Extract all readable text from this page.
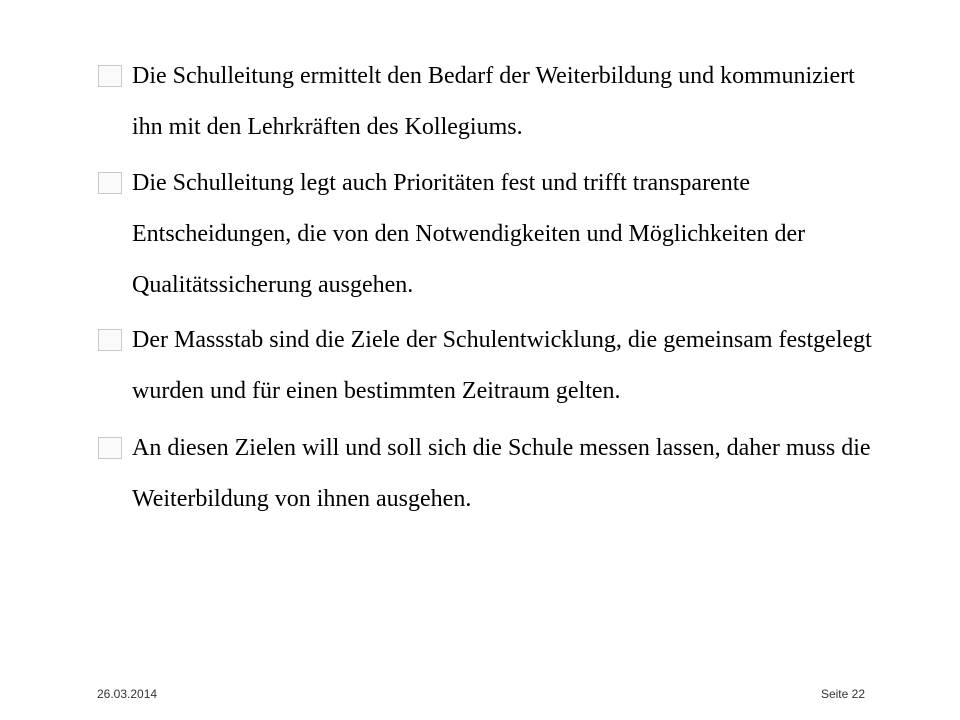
Die Schulleitung ermittelt den Bedarf der Weiterbildung und kommuniziert ihn mit den Lehrkräften des Kollegiums.
Die Schulleitung legt auch Prioritäten fest und trifft transparente Entscheidungen, die von den Notwendigkeiten und Möglichkeiten der Qualitätssicherung ausgehen.
Der Massstab sind die Ziele der Schulentwicklung, die gemeinsam festgelegt wurden und für einen bestimmten Zeitraum gelten.
An diesen Zielen will und soll sich die Schule messen lassen, daher muss die Weiterbildung von ihnen ausgehen.
26.03.2014	Seite 22
